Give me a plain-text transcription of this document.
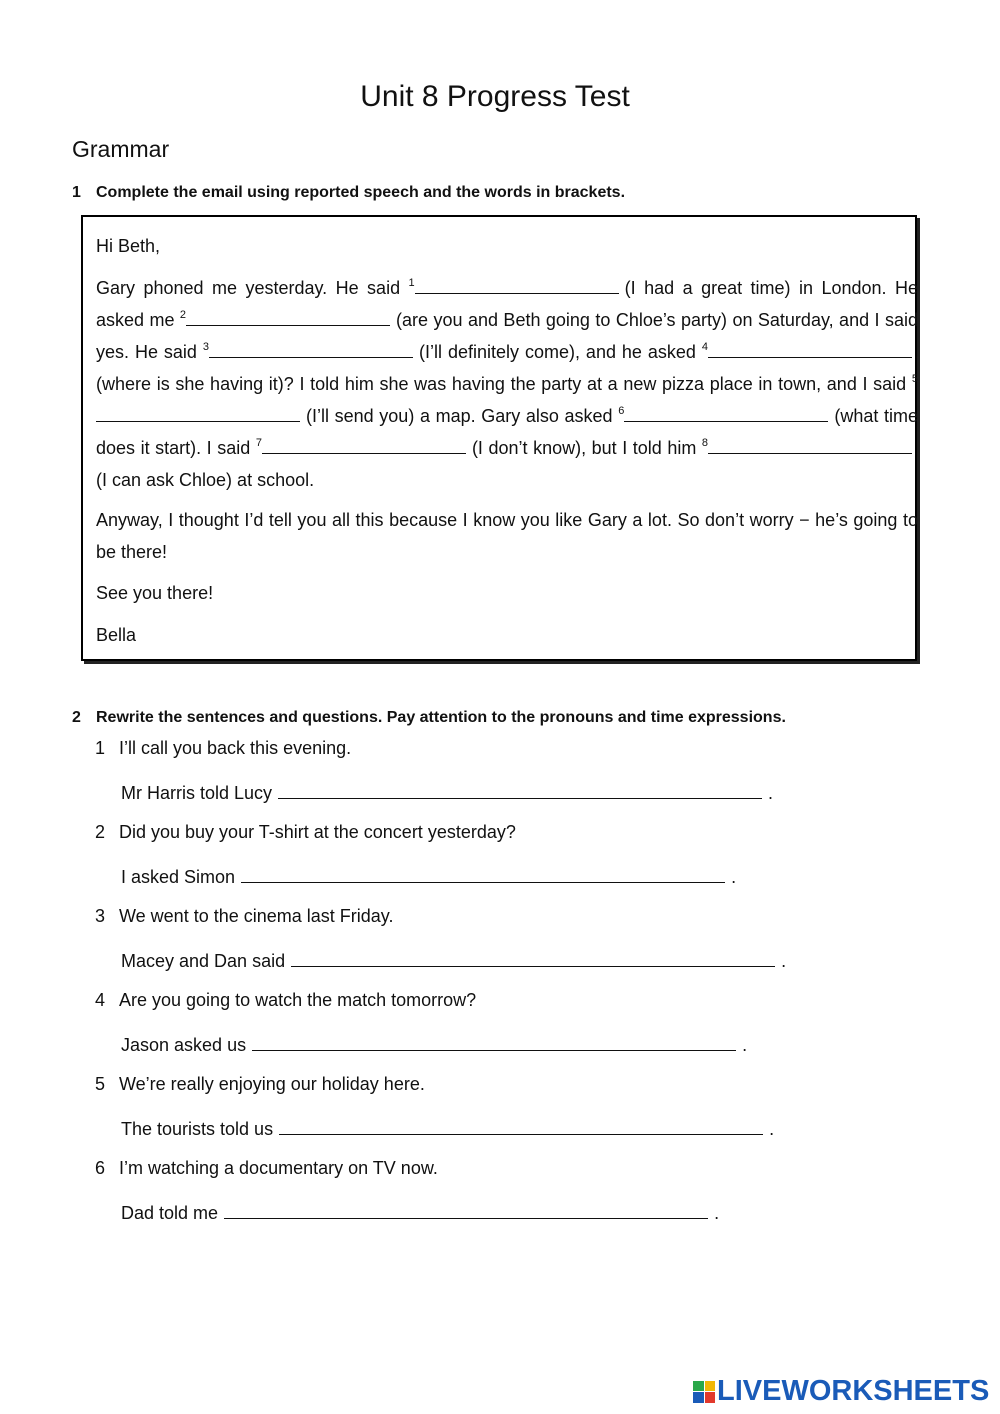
Unit 8 Progress Test
Grammar
1 Complete the email using reported speech and the words in brackets.

Hi Beth,

Gary phoned me yesterday. He said $^1$	(I had a great time) in London. He asked me $^2$	(are you and Beth going to Chloe’s party) on Saturday, and I said yes. He said $^3$	(I’ll definitely come), and he asked $^4$(where is she having it)? I told him she was having the party at a new pizza place in town, and I said $^5$(I’ll send you) a map. Gary also asked $^6$	(what time does it start). I said $^7$	(I don’t know), but I told him $^8$(I can ask Chloe) at school.

Anyway, I thought I’d tell you all this because I know you like Gary a lot. So don’t worry − he’s going to be there!

See you there!

Bella

2 Rewrite the sentences and questions. Pay attention to the pronouns and time expressions.
1 I’ll call you back this evening.
Mr Harris told Lucy	.
2 Did you buy your T-shirt at the concert yesterday?
I asked Simon	.
3 We went to the cinema last Friday.
Macey and Dan said	.
4 Are you going to watch the match tomorrow?
Jason asked us	.
5 We’re really enjoying our holiday here.
The tourists told us	.
6 I’m watching a documentary on TV now.
Dad told me	.
LIVEWORKSHEETS
